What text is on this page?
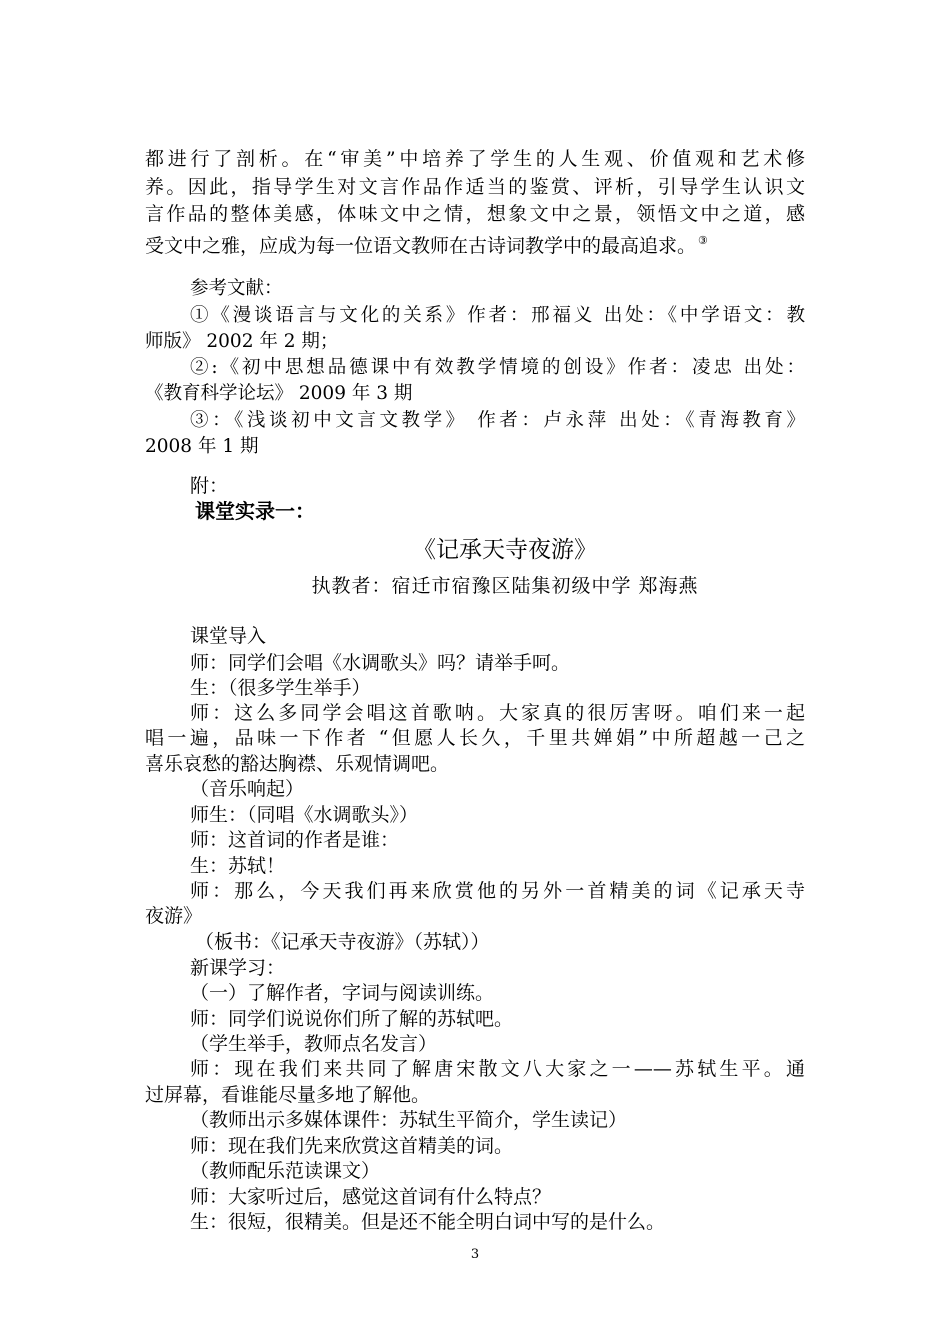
都进行了剖析。在“审美”中培养了学生的人生观、价值观和艺术修
养。因此，指导学生对文言作品作适当的鉴赏、评析，引导学生认识文
言作品的整体美感，体味文中之情，想象文中之景，领悟文中之道，感
受文中之雅，应成为每一位语文教师在古诗词教学中的最高追求。 ③
参考文献：
①《漫谈语言与文化的关系》作者：邢福义 出处：《中学语文：教
师版》 2002 年 2 期；
②:《初中思想品德课中有效教学情境的创设》作者：凌忠 出处：
《教育科学论坛》 2009 年 3 期
③：《浅谈初中文言文教学》 作者：卢永萍 出处：《青海教育》
2008 年 1 期
附：
课堂实录一：
《记承天寺夜游》
执教者：宿迁市宿豫区陆集初级中学 郑海燕
课堂导入
师：同学们会唱《水调歌头》吗？请举手呵。
生：（很多学生举手）
师：这么多同学会唱这首歌呐。大家真的很厉害呀。咱们来一起
唱一遍，品味一下作者 “但愿人长久，千里共婵娟”中所超越一己之
喜乐哀愁的豁达胸襟、乐观情调吧。
（音乐响起）
师生：（同唱《水调歌头》）
师：这首词的作者是谁：
生：苏轼！
师：那么，今天我们再来欣赏他的另外一首精美的词《记承天寺
夜游》
（板书：《记承天寺夜游》（苏轼））
新课学习：
（一）了解作者，字词与阅读训练。
师：同学们说说你们所了解的苏轼吧。
（学生举手，教师点名发言）
师：现在我们来共同了解唐宋散文八大家之一——苏轼生平。通
过屏幕，看谁能尽量多地了解他。
（教师出示多媒体课件：苏轼生平简介，学生读记）
师：现在我们先来欣赏这首精美的词。
（教师配乐范读课文）
师：大家听过后，感觉这首词有什么特点？
生：很短，很精美。但是还不能全明白词中写的是什么。
3
